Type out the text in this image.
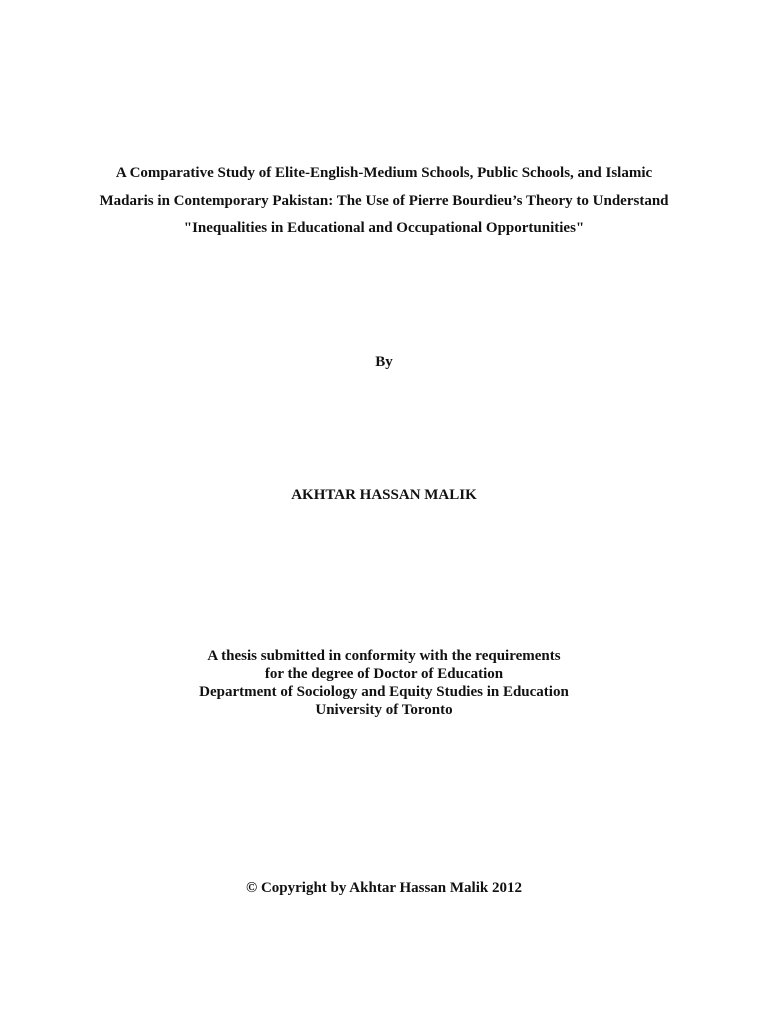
A Comparative Study of Elite-English-Medium Schools, Public Schools, and Islamic
Madaris in Contemporary Pakistan: The Use of Pierre Bourdieu’s Theory to Understand
"Inequalities in Educational and Occupational Opportunities"
By
AKHTAR HASSAN MALIK
A thesis submitted in conformity with the requirements
for the degree of Doctor of Education
Department of Sociology and Equity Studies in Education
University of Toronto
© Copyright by Akhtar Hassan Malik 2012
